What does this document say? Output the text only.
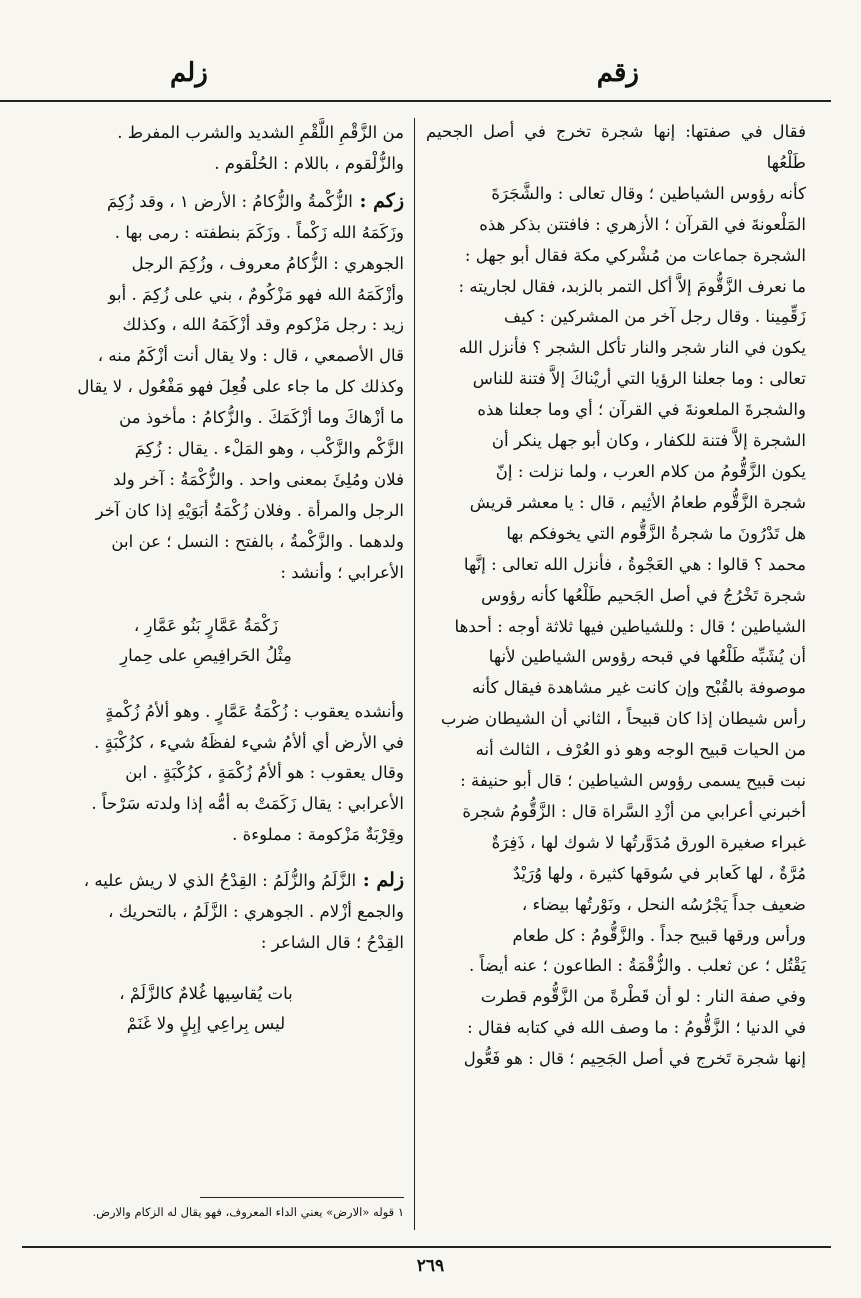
زقم
زلم

فقال في صفتها: إنها شجرة تخرج في أصل الجحيم طَلْعُها

كأنه رؤوس الشياطين ؛ وقال تعالى : والشَّجَرَةَ

المَلْعونةَ في القرآن ؛ الأزهري : فافتتن بذكر هذه

الشجرة جماعات من مُشْركي مكة فقال أبو جهل :

ما نعرف الزَّقُّومَ إلاَّ أكل التمر بالزبد، فقال لجاريته :

زَقِّمِينا . وقال رجل آخر من المشركين : كيف

يكون في النار شجر والنار تأكل الشجر ؟ فأنزل الله

تعالى : وما جعلنا الرؤيا التي أريْناكَ إلاَّ فتنة للناس

والشجرةَ الملعونةَ في القرآن ؛ أي وما جعلنا هذه

الشجرة إلاَّ فتنة للكفار ، وكان أبو جهل ينكر أن

يكون الزَّقُّومُ من كلام العرب ، ولما نزلت : إنّ

شجرة الزَّقُّوم طعامُ الأثِيم ، قال : يا معشر قريش

هل تَدْرُونَ ما شجرةُ الزَّقُّوم التي يخوفكم بها

محمد ؟ قالوا : هي العَجْوةُ ، فأنزل الله تعالى : إنَّها

شجرة تَخْرُجُ في أصل الجَحيم طَلْعُها كأنه رؤوس

الشياطين ؛ قال : وللشياطين فيها ثلاثة أوجه : أحدها

أن يُشَبِّه طَلْعُها في قبحه رؤوس الشياطين لأنها

موصوفة بالقُبْح وإن كانت غير مشاهدة فيقال كأنه

رأس شيطان إذا كان قبيحاً ، الثاني أن الشيطان ضرب

من الحيات قبيح الوجه وهو ذو العُرْف ، الثالث أنه

نبت قبيح يسمى رؤوس الشياطين ؛ قال أبو حنيفة :

أخبرني أعرابي من أزْدِ السَّراة قال : الزَّقُّومُ شجرة

غبراء صغيرة الورق مُدَوَّرتُها لا شوك لها ، ذَفِرَةٌ

مُرَّةٌ ، لها كَعابر في سُوقها كثيرة ، ولها وُرَيْدٌ

ضعيف جداً يَجْرُسُه النحل ، ونَوْرتُها بيضاء ،

ورأس ورقها قبيح جداً . والزَّقُّومُ : كل طعام

يَقْتُل ؛ عن ثعلب . والزُّقْمَةُ : الطاعون ؛ عنه أيضاً .

وفي صفة النار : لو أن قَطْرةً من الزَّقُّوم قطرت

في الدنيا ؛ الزَّقُّومُ : ما وصف الله في كتابه فقال :

إنها شجرة تَخرج في أصل الجَحِيم ؛ قال : هو فَعُّول

من الزَّقْمِ اللَّقْمِ الشديد والشرب المفرط .

والزُّلْقوم ، باللام : الحُلْقوم .

زكم : الزُّكْمةُ والزُّكامُ : الأرض ١ ، وقد زُكِمَ

وزَكَمَهُ الله زَكْماً . وزَكَمَ بنطفته : رمى بها .

الجوهري : الزُّكامُ معروف ، وزُكِمَ الرجل

وأزْكَمَهُ الله فهو مَزْكُومٌ ، بني على زُكِمَ . أبو

زيد : رجل مَزْكوم وقد أزْكَمَهُ الله ، وكذلك

قال الأصمعي ، قال : ولا يقال أنت أزْكَمُ منه ،

وكذلك كل ما جاء على فُعِلَ فهو مَفْعُول ، لا يقال

ما أزْهاكَ وما أزْكَمَكَ . والزُّكامُ : مأخوذ من

الزَّكْم والزَّكْب ، وهو المَلْء . يقال : زُكِمَ

فلان ومُلِئَ بمعنى واحد . والزُّكْمَةُ : آخر ولد

الرجل والمرأة . وفلان زُكْمَةُ أبَوَيْهِ إذا كان آخر

ولدهما . والزَّكْمةُ ، بالفتح : النسل ؛ عن ابن

الأعرابي ؛ وأنشد :

زَكْمَةُ عَمَّارٍ بَنُو عَمَّارِ ،

مِثْلُ الحَرافِيصِ على حِمارِ

وأنشده يعقوب : زُكْمَةُ عَمَّارٍ . وهو ألأمُ زُكْمةٍ

في الأرض أي ألأمُ شيء لفظَهُ شيء ، كزُكْبَةٍ .

وقال يعقوب : هو ألأمُ زُكْمَةٍ ، كزُكْبَةٍ . ابن

الأعرابي : يقال زَكَمَتْ به أمُّه إذا ولدته سَرْحاً .

وقِرْبَةٌ مَزْكومة : مملوءة .

زلم : الزَّلَمُ والزُّلَمُ : القِدْحُ الذي لا ريش عليه ،

والجمع أزْلام . الجوهري : الزَّلَمُ ، بالتحريك ،

القِدْحُ ؛ قال الشاعر :

بات يُقاسِيها غُلامٌ كالزَّلَمْ ،

ليس بِراعِي إبِلٍ ولا غَنَمْ

١ قوله «الارض» يعني الداء المعروف، فهو يقال له الزكام والارض.
٢٦٩
